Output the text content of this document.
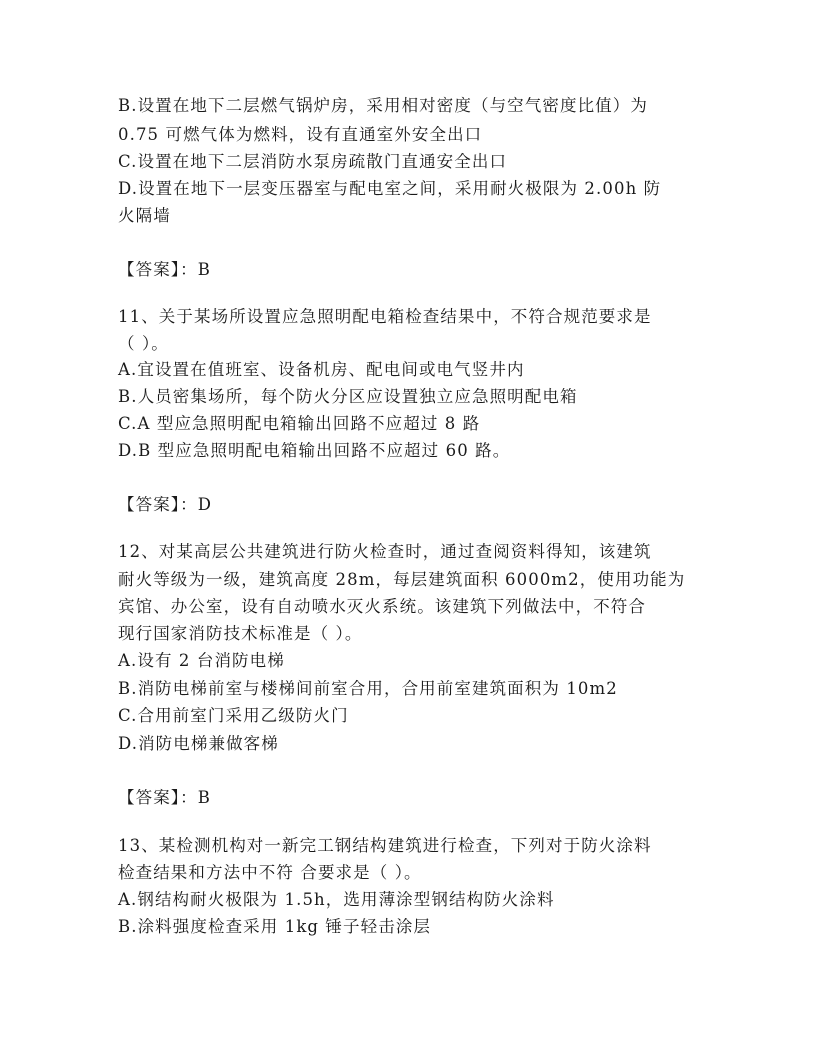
B.设置在地下二层燃气锅炉房，采用相对密度（与空气密度比值）为
0.75 可燃气体为燃料，设有直通室外安全出口
C.设置在地下二层消防水泵房疏散门直通安全出口
D.设置在地下一层变压器室与配电室之间，采用耐火极限为 2.00h 防
火隔墙
【答案】：B
11、关于某场所设置应急照明配电箱检查结果中，不符合规范要求是
（ ）。
A.宜设置在值班室、设备机房、配电间或电气竖井内
B.人员密集场所，每个防火分区应设置独立应急照明配电箱
C.A 型应急照明配电箱输出回路不应超过 8 路
D.B 型应急照明配电箱输出回路不应超过 60 路。
【答案】：D
12、对某高层公共建筑进行防火检查时，通过查阅资料得知，该建筑
耐火等级为一级，建筑高度 28m，每层建筑面积 6000m2，使用功能为
宾馆、办公室，设有自动喷水灭火系统。该建筑下列做法中，不符合
现行国家消防技术标准是（ ）。
A.设有 2 台消防电梯
B.消防电梯前室与楼梯间前室合用，合用前室建筑面积为 10m2
C.合用前室门采用乙级防火门
D.消防电梯兼做客梯
【答案】：B
13、某检测机构对一新完工钢结构建筑进行检查，下列对于防火涂料
检查结果和方法中不符 合要求是（ ）。
A.钢结构耐火极限为 1.5h，选用薄涂型钢结构防火涂料
B.涂料强度检查采用 1kg 锤子轻击涂层
